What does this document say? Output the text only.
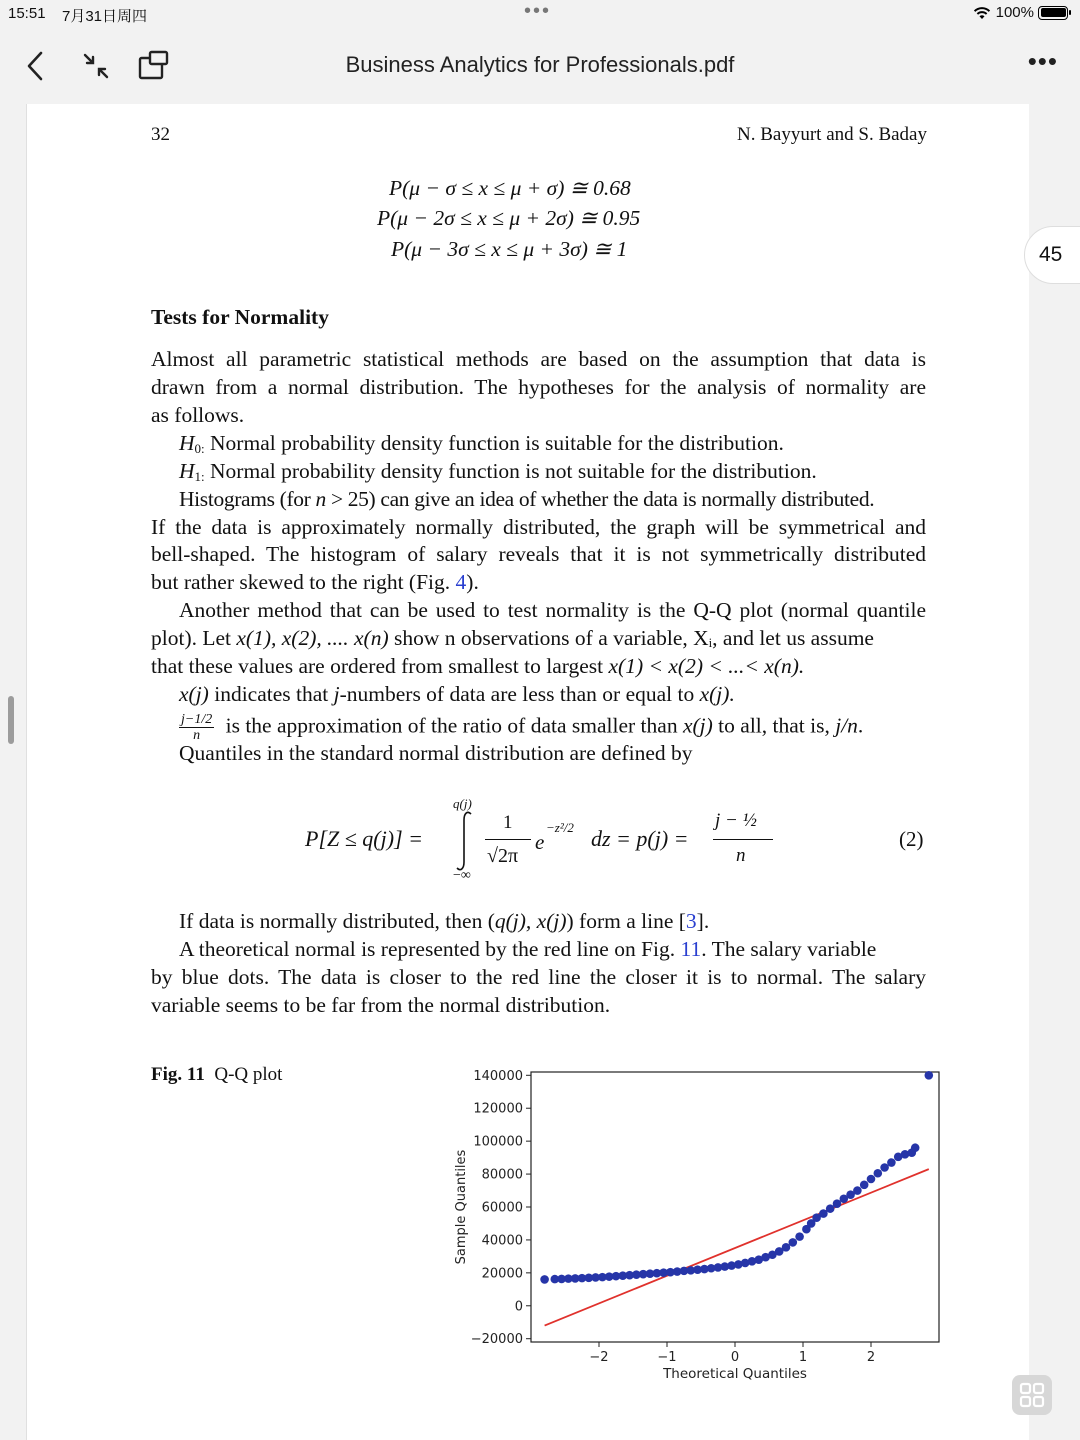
15:51 7月31日周四	•••	100%
Business Analytics for Professionals.pdf	•••
32	N. Bayyurt and S. Baday
P(μ − σ ≤ x ≤ μ + σ) ≅ 0.68
P(μ − 2σ ≤ x ≤ μ + 2σ) ≅ 0.95
P(μ − 3σ ≤ x ≤ μ + 3σ) ≅ 1
Tests for Normality
Almost all parametric statistical methods are based on the assumption that data is
drawn from a normal distribution. The hypotheses for the analysis of normality are
as follows.
$H_{0:}$ Normal probability density function is suitable for the distribution.
$H_{1:}$ Normal probability density function is not suitable for the distribution.
Histograms (for n > 25) can give an idea of whether the data is normally distributed.
If the data is approximately normally distributed, the graph will be symmetrical and
bell-shaped. The histogram of salary reveals that it is not symmetrically distributed
but rather skewed to the right (Fig. 4).
Another method that can be used to test normality is the Q-Q plot (normal quantile
plot). Let x(1), x(2), .... x(n) show n observations of a variable, Xᵢ, and let us assume
that these values are ordered from smallest to largest x(1) < x(2) < ...< x(n).
x(j) indicates that j-numbers of data are less than or equal to x(j).
$\frac{j-1/2}{n}$ is the approximation of the ratio of data smaller than x(j) to all, that is, j/n.
Quantiles in the standard normal distribution are defined by
P[Z ≤ q(j)] =
q(j)
−∞
1
√2π
e
−z²/2 dz = p(j) =
j − ½
n
(2)
If data is normally distributed, then (q(j), x(j)) form a line [3].
A theoretical normal is represented by the red line on Fig. 11. The salary variable
by blue dots. The data is closer to the red line the closer it is to normal. The salary
variable seems to be far from the normal distribution.
Fig. 11 Q-Q plot
−20000
0
20000
40000
60000
80000
100000
120000
140000
−2	−1	0	1	2
Theoretical Quantiles
Sample Quantiles
45
